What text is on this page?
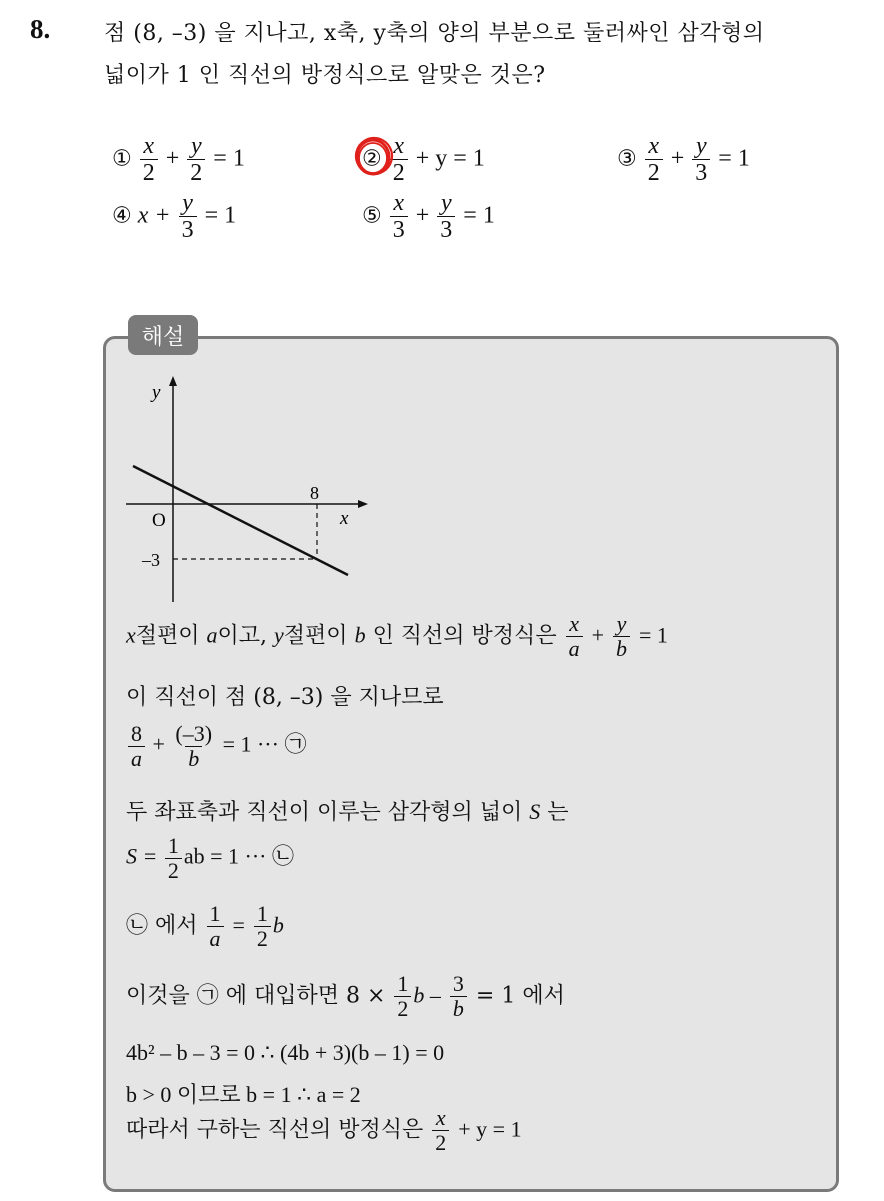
8. 점 (8, –3) 을 지나고, x축, y축의 양의 부분으로 둘러싸인 삼각형의
넓이가 1 인 직선의 방정식으로 알맞은 것은?
① $\frac{x}{2} + \frac{y}{2} = 1$	② $\frac{x}{2} + y = 1$	③ $\frac{x}{2} + \frac{y}{3} = 1$
④ $x + \frac{y}{3} = 1$	⑤ $\frac{x}{3} + \frac{y}{3} = 1$
해설
y
x
O
8
–3
x절편이 a이고, y절편이 b 인 직선의 방정식은 $\frac{x}{a} + \frac{y}{b} = 1$
이 직선이 점 (8, –3) 을 지나므로
$\frac{8}{a} + \frac{(-3)}{b} = 1$ ··· ㉠
두 좌표축과 직선이 이루는 삼각형의 넓이 S 는
$S = \frac{1}{2}$ ab = 1 ··· ㉡
㉡ 에서 $\frac{1}{a} = \frac{1}{2}$ b
이것을 ㉠ 에 대입하면 $8 \times \frac{1}{2}$ $b - \frac{3}{b} = 1$ 에서
4b² – b – 3 = 0 ∴ (4b + 3)(b – 1) = 0
b > 0 이므로 b = 1 ∴ a = 2
따라서 구하는 직선의 방정식은 $\frac{x}{2} + y = 1$
